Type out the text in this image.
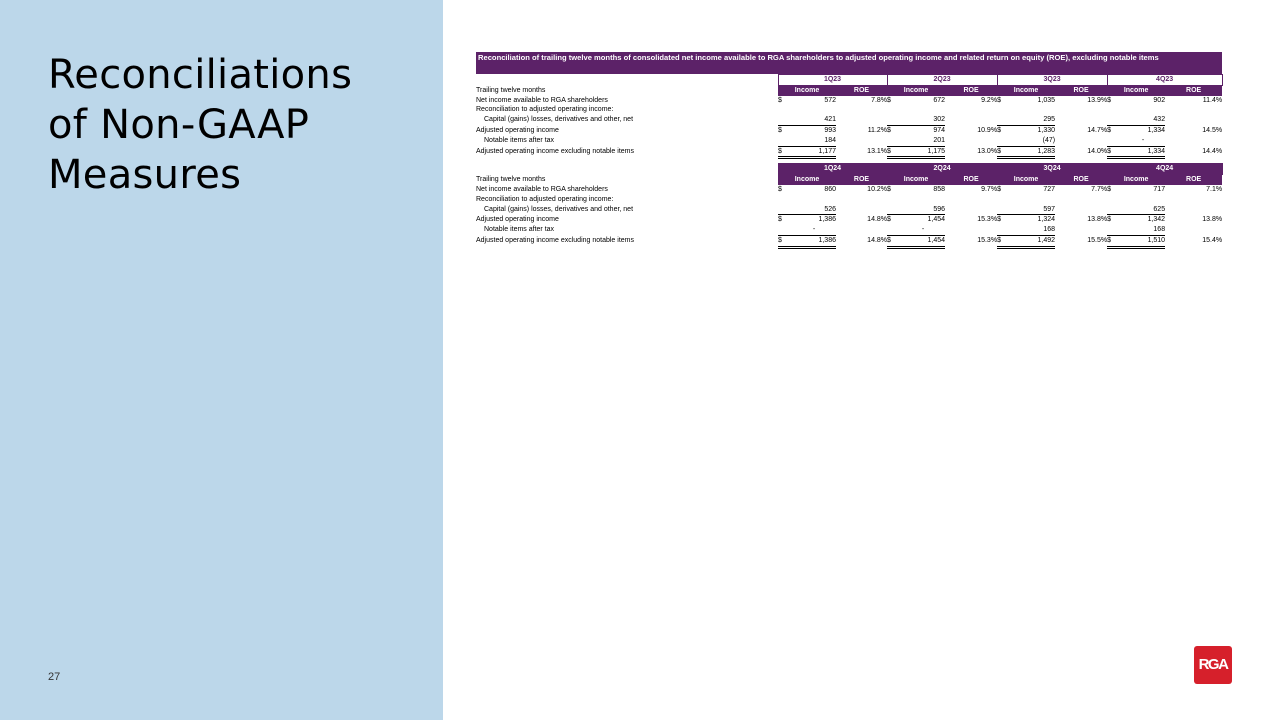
Reconciliations
of Non-GAAP
Measures
27
RGA
Reconciliation of trailing twelve months of consolidated net income available to RGA shareholders to adjusted operating income and related return on equity (ROE), excluding notable items
	1Q23			2Q23			3Q23			4Q23		
Trailing twelve months	Income		ROE	Income		ROE	Income		ROE	Income		ROE
Net income available to RGA shareholders	$	572	7.8%	$	672	9.2%	$	1,035	13.9%	$	902	11.4%
Reconciliation to adjusted operating income:												
Capital (gains) losses, derivatives and other, net		421			302			295			432	
Adjusted operating income	$	993	11.2%	$	974	10.9%	$	1,330	14.7%	$	1,334	14.5%
Notable items after tax		184			201			(47)			-	
Adjusted operating income excluding notable items	$	1,177	13.1%	$	1,175	13.0%	$	1,283	14.0%	$	1,334	14.4%

	1Q24			2Q24			3Q24			4Q24		
Trailing twelve months	Income		ROE	Income		ROE	Income		ROE	Income		ROE
Net income available to RGA shareholders	$	860	10.2%	$	858	9.7%	$	727	7.7%	$	717	7.1%
Reconciliation to adjusted operating income:												
Capital (gains) losses, derivatives and other, net		526			596			597			625	
Adjusted operating income	$	1,386	14.8%	$	1,454	15.3%	$	1,324	13.8%	$	1,342	13.8%
Notable items after tax		-			-			168			168	
Adjusted operating income excluding notable items	$	1,386	14.8%	$	1,454	15.3%	$	1,492	15.5%	$	1,510	15.4%
